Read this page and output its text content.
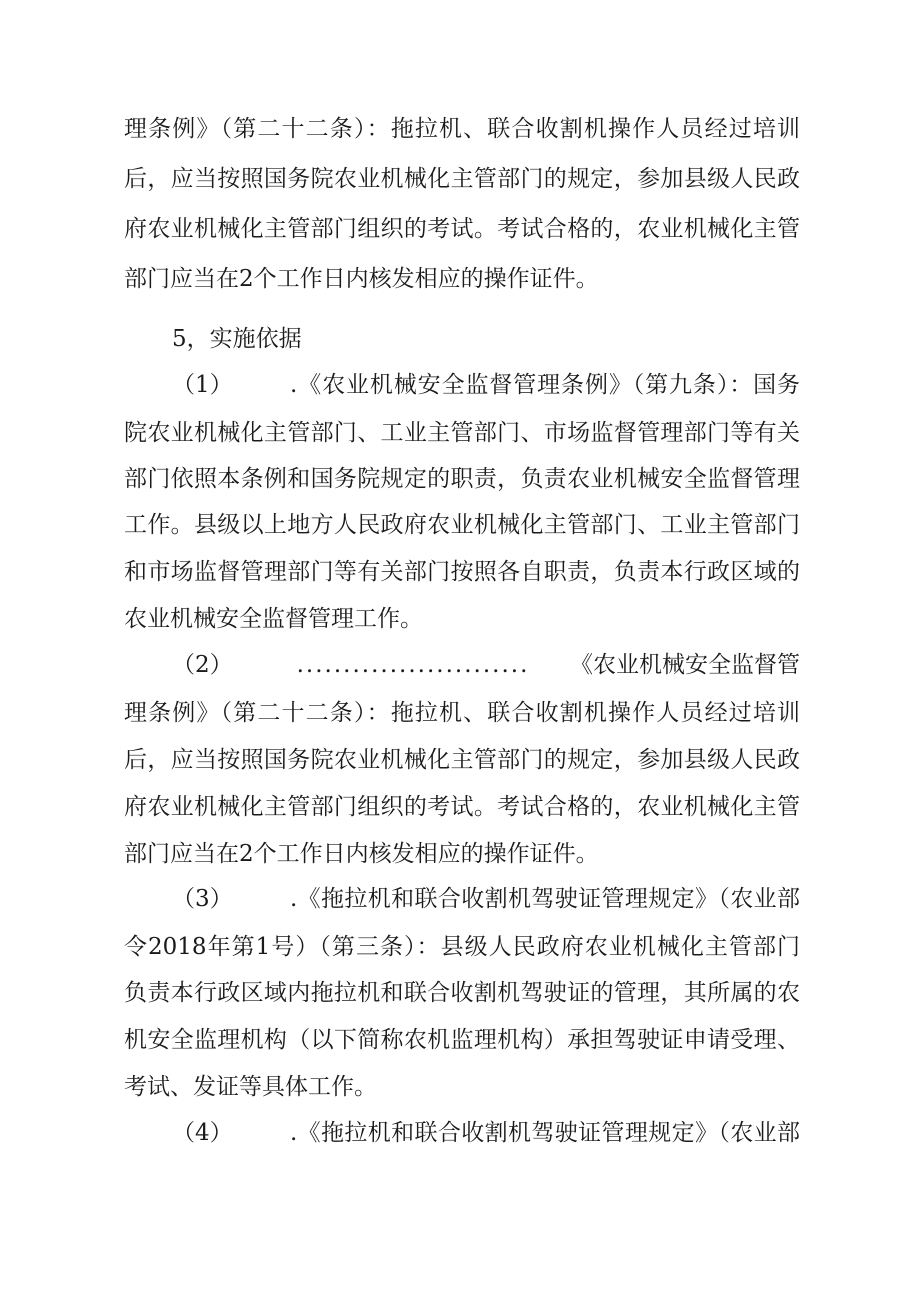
理条例》（第二十二条）：拖拉机、联合收割机操作人员经过培训
后，应当按照国务院农业机械化主管部门的规定，参加县级人民政
府农业机械化主管部门组织的考试。考试合格的，农业机械化主管
部门应当在2个工作日内核发相应的操作证件。
5，实施依据
（1）	.《农业机械安全监督管理条例》（第九条）：国务
院农业机械化主管部门、工业主管部门、市场监督管理部门等有关
部门依照本条例和国务院规定的职责，负责农业机械安全监督管理
工作。县级以上地方人民政府农业机械化主管部门、工业主管部门
和市场监督管理部门等有关部门按照各自职责，负责本行政区域的
农业机械安全监督管理工作。
（2）	......................... 《农业机械安全监督管
理条例》（第二十二条）：拖拉机、联合收割机操作人员经过培训
后，应当按照国务院农业机械化主管部门的规定，参加县级人民政
府农业机械化主管部门组织的考试。考试合格的，农业机械化主管
部门应当在2个工作日内核发相应的操作证件。
（3）	.《拖拉机和联合收割机驾驶证管理规定》（农业部
令2018年第1号）（第三条）：县级人民政府农业机械化主管部门
负责本行政区域内拖拉机和联合收割机驾驶证的管理，其所属的农
机安全监理机构（以下简称农机监理机构）承担驾驶证申请受理、
考试、发证等具体工作。
（4）	.《拖拉机和联合收割机驾驶证管理规定》（农业部
